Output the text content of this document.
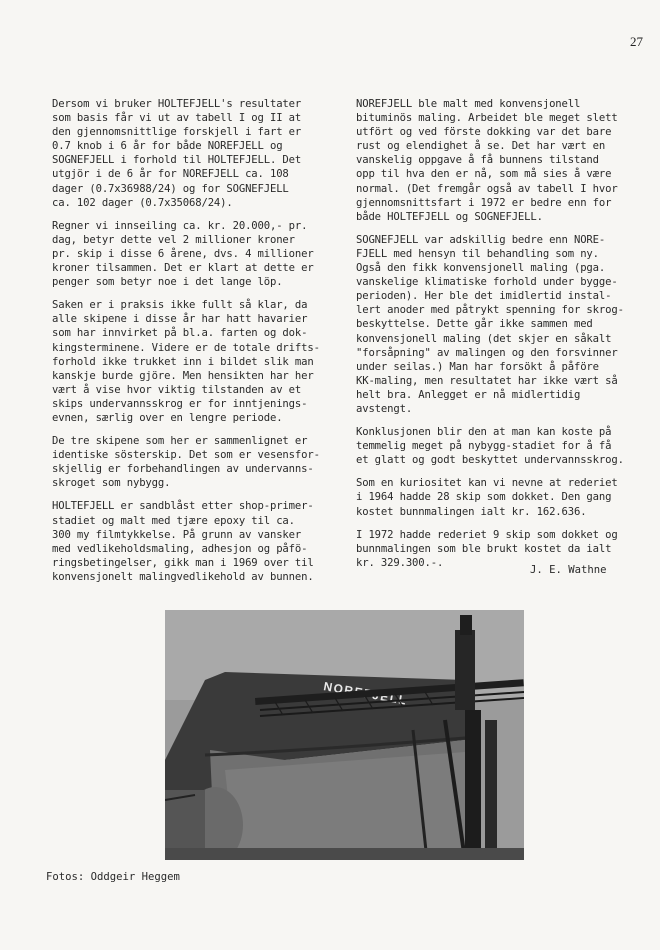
27

Dersom vi bruker HOLTEFJELL's resultater
som basis får vi ut av tabell I og II at
den gjennomsnittlige forskjell i fart er
0.7 knob i 6 år for både NOREFJELL og
SOGNEFJELL i forhold til HOLTEFJELL. Det
utgjör i de 6 år for NOREFJELL ca. 108
dager (0.7x36988/24) og for SOGNEFJELL
ca. 102 dager (0.7x35068/24).

Regner vi innseiling ca. kr. 20.000,- pr.
dag, betyr dette vel 2 millioner kroner
pr. skip i disse 6 årene, dvs. 4 millioner
kroner tilsammen. Det er klart at dette er
penger som betyr noe i det lange löp.

Saken er i praksis ikke fullt så klar, da
alle skipene i disse år har hatt havarier
som har innvirket på bl.a. farten og dok-
kingsterminene. Videre er de totale drifts-
forhold ikke trukket inn i bildet slik man
kanskje burde gjöre. Men hensikten har her
vært å vise hvor viktig tilstanden av et
skips undervannsskrog er for inntjenings-
evnen, særlig over en lengre periode.

De tre skipene som her er sammenlignet er
identiske sösterskip. Det som er vesensfor-
skjellig er forbehandlingen av undervanns-
skroget som nybygg.

HOLTEFJELL er sandblåst etter shop-primer-
stadiet og malt med tjære epoxy til ca.
300 my filmtykkelse. På grunn av vansker
med vedlikeholdsmaling, adhesjon og påfö-
ringsbetingelser, gikk man i 1969 over til
konvensjonelt malingvedlikehold av bunnen.

NOREFJELL ble malt med konvensjonell
bituminös maling. Arbeidet ble meget slett
utfört og ved förste dokking var det bare
rust og elendighet å se. Det har vært en
vanskelig oppgave å få bunnens tilstand
opp til hva den er nå, som må sies å være
normal. (Det fremgår også av tabell I hvor
gjennomsnittsfart i 1972 er bedre enn for
både HOLTEFJELL og SOGNEFJELL.

SOGNEFJELL var adskillig bedre enn NORE-
FJELL med hensyn til behandling som ny.
Også den fikk konvensjonell maling (pga.
vanskelige klimatiske forhold under bygge-
perioden). Her ble det imidlertid instal-
lert anoder med påtrykt spenning for skrog-
beskyttelse. Dette går ikke sammen med
konvensjonell maling (det skjer en såkalt
"forsåpning" av malingen og den forsvinner
under seilas.) Man har forsökt å påföre
KK-maling, men resultatet har ikke vært så
helt bra. Anlegget er nå midlertidig
avstengt.

Konklusjonen blir den at man kan koste på
temmelig meget på nybygg-stadiet for å få
et glatt og godt beskyttet undervannsskrog.

Som en kuriositet kan vi nevne at rederiet
i 1964 hadde 28 skip som dokket. Den gang
kostet bunnmalingen ialt kr. 162.636.

I 1972 hadde rederiet 9 skip som dokket og
bunnmalingen som ble brukt kostet da ialt
kr. 329.300.-.

J. E. Wathne
Fotos: Oddgeir Heggem
